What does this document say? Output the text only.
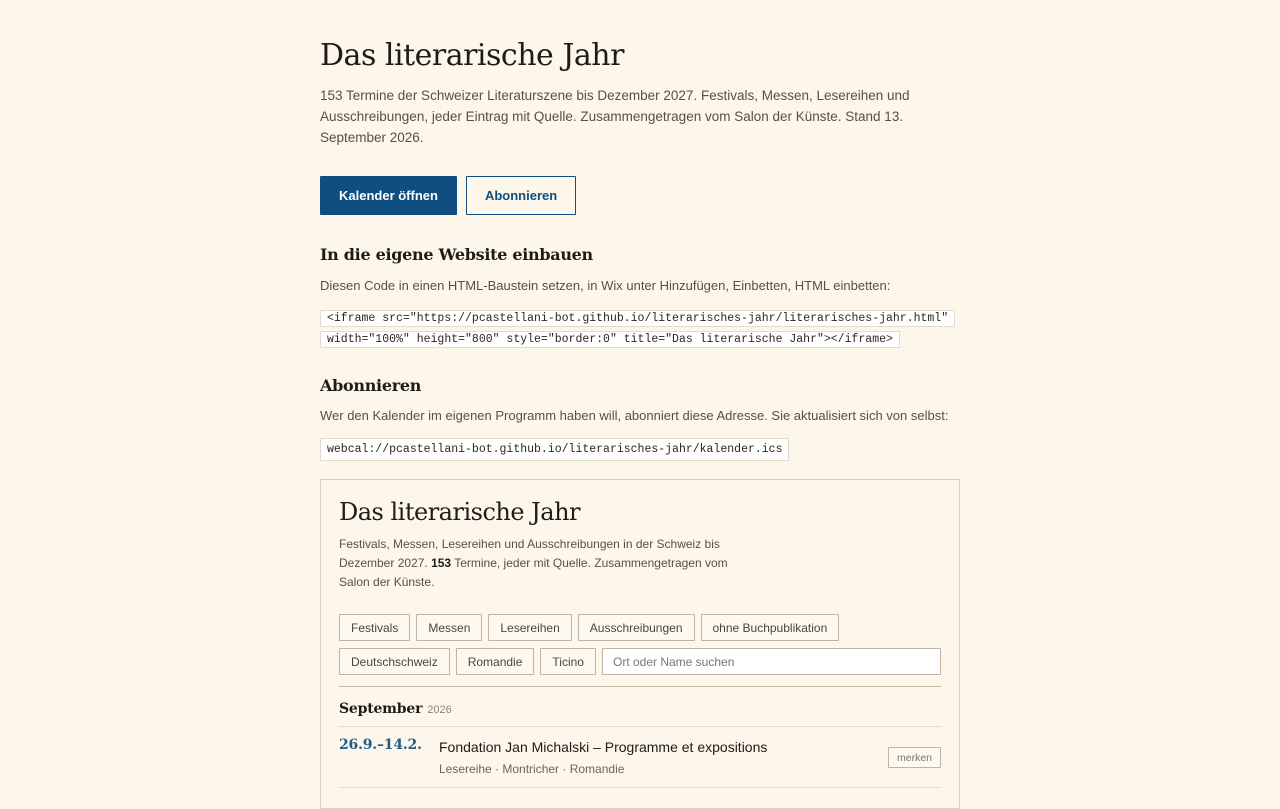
Das literarische Jahr

153 Termine der Schweizer Literaturszene bis Dezember 2027. Festivals, Messen, Lesereihen und Ausschreibungen, jeder Eintrag mit Quelle. Zusammengetragen vom Salon der Künste. Stand 13. September 2026.

Kalender öffnen	Abonnieren
In die eigene Website einbauen
Diesen Code in einen HTML-Baustein setzen, in Wix unter Hinzufügen, Einbetten, HTML einbetten:
<iframe src="https://pcastellani-bot.github.io/literarisches-jahr/literarisches-jahr.html" width="100%" height="800" style="border:0" title="Das literarische Jahr"></iframe>
Abonnieren
Wer den Kalender im eigenen Programm haben will, abonniert diese Adresse. Sie aktualisiert sich von selbst:
webcal://pcastellani-bot.github.io/literarisches-jahr/kalender.ics
Das literarische Jahr

Festivals, Messen, Lesereihen und Ausschreibungen in der Schweiz bis Dezember 2027. 153 Termine, jeder mit Quelle. Zusammengetragen vom Salon der Künste.

Festivals	Messen	Lesereihen	Ausschreibungen	ohne Buchpublikation
Deutschschweiz	Romandie	Ticino
Ort oder Name suchen
September 2026
26.9.–14.2. Fondation Jan Michalski – Programme et expositions
Lesereihe · Montricher · Romandie
merken
